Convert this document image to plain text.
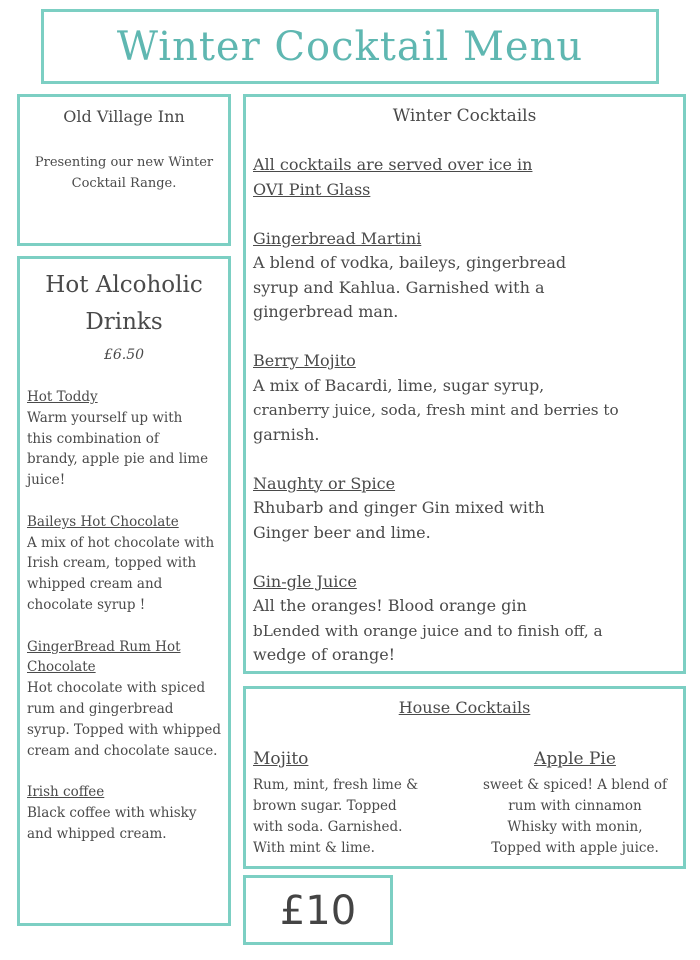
Winter Cocktail Menu
Old Village Inn
Presenting our new Winter
Cocktail Range.
Hot Alcoholic
Drinks
£6.50
Hot Toddy
Warm yourself up with
this combination of
brandy, apple pie and lime
juice!
Baileys Hot Chocolate
A mix of hot chocolate with
Irish cream, topped with
whipped cream and
chocolate syrup !
GingerBread Rum Hot
Chocolate
Hot chocolate with spiced
rum and gingerbread
syrup. Topped with whipped
cream and chocolate sauce.
Irish coffee
Black coffee with whisky
and whipped cream.
Winter Cocktails
All cocktails are served over ice in
OVI Pint Glass
Gingerbread Martini
A blend of vodka, baileys, gingerbread
syrup and Kahlua. Garnished with a
gingerbread man.
Berry Mojito
A mix of Bacardi, lime, sugar syrup,
cranberry juice, soda, fresh mint and berries to
garnish.
Naughty or Spice
Rhubarb and ginger Gin mixed with
Ginger beer and lime.
Gin-gle Juice
All the oranges! Blood orange gin
bLended with orange juice and to finish off, a
wedge of orange!
House Cocktails
Mojito
Rum, mint, fresh lime &
brown sugar. Topped
with soda. Garnished.
With mint & lime.
Apple Pie
sweet & spiced! A blend of
rum with cinnamon
Whisky with monin,
Topped with apple juice.
£10
